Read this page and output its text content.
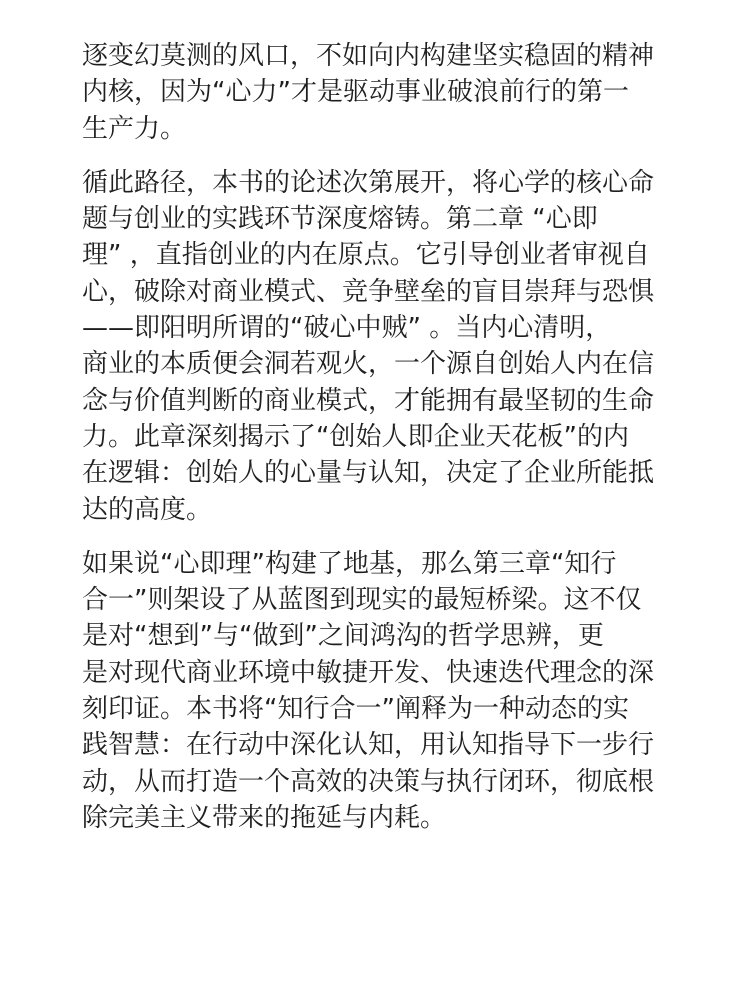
逐变幻莫测的风口，不如向内构建坚实稳固的精神
内核，因为“心力”才是驱动事业破浪前行的第一
生产力。
循此路径，本书的论述次第展开，将心学的核心命
题与创业的实践环节深度熔铸。第二章 “心即
理” ，直指创业的内在原点。它引导创业者审视自
心，破除对商业模式、竞争壁垒的盲目崇拜与恐惧
——即阳明所谓的“破心中贼” 。当内心清明，
商业的本质便会洞若观火，一个源自创始人内在信
念与价值判断的商业模式，才能拥有最坚韧的生命
力。此章深刻揭示了“创始人即企业天花板”的内
在逻辑：创始人的心量与认知，决定了企业所能抵
达的高度。
如果说“心即理”构建了地基，那么第三章“知行
合一”则架设了从蓝图到现实的最短桥梁。这不仅
是对“想到”与“做到”之间鸿沟的哲学思辨，更
是对现代商业环境中敏捷开发、快速迭代理念的深
刻印证。本书将“知行合一”阐释为一种动态的实
践智慧：在行动中深化认知，用认知指导下一步行
动，从而打造一个高效的决策与执行闭环，彻底根
除完美主义带来的拖延与内耗。
